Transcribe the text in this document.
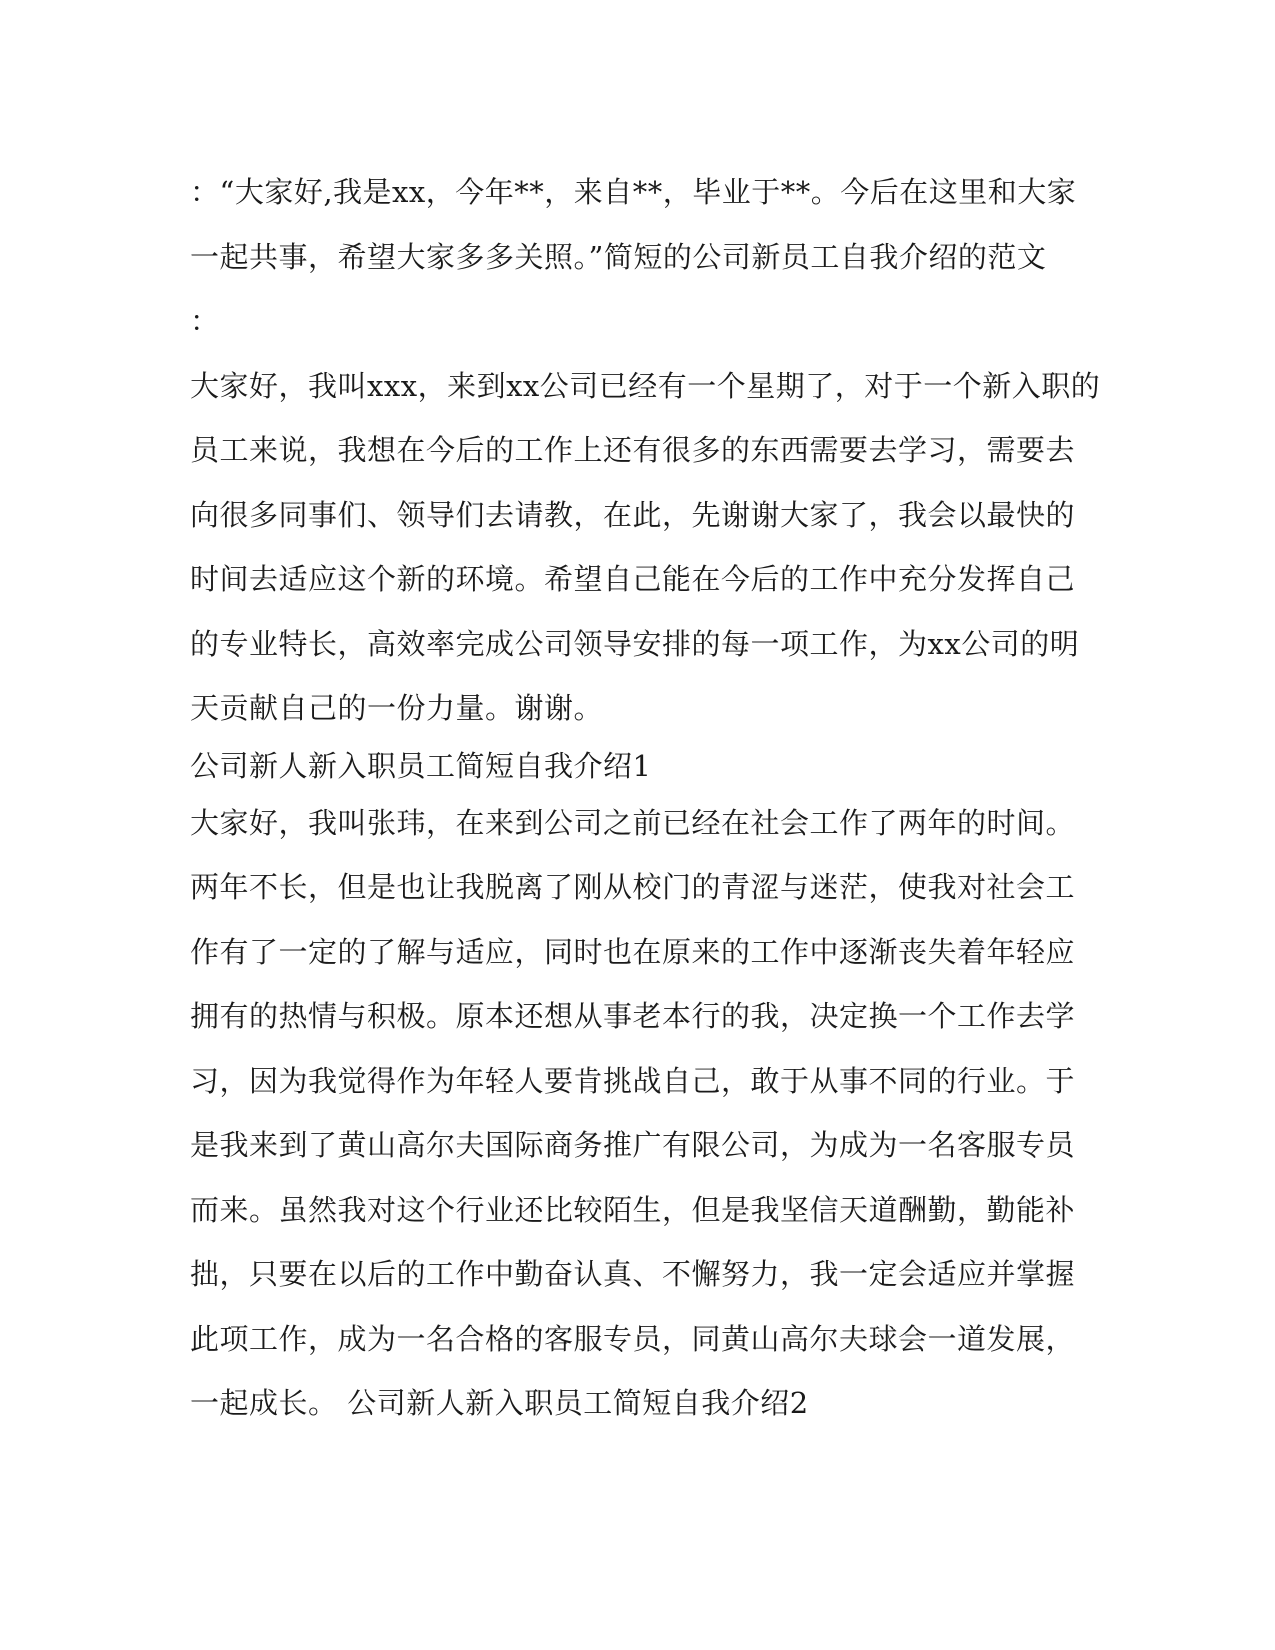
：“大家好,我是xx，今年**，来自**，毕业于**。今后在这里和大家
一起共事，希望大家多多关照。”简短的公司新员工自我介绍的范文
：
大家好，我叫xxx，来到xx公司已经有一个星期了，对于一个新入职的
员工来说，我想在今后的工作上还有很多的东西需要去学习，需要去
向很多同事们、领导们去请教，在此，先谢谢大家了，我会以最快的
时间去适应这个新的环境。希望自己能在今后的工作中充分发挥自己
的专业特长，高效率完成公司领导安排的每一项工作，为xx公司的明
天贡献自己的一份力量。谢谢。
公司新人新入职员工简短自我介绍1
大家好，我叫张玮，在来到公司之前已经在社会工作了两年的时间。
两年不长，但是也让我脱离了刚从校门的青涩与迷茫，使我对社会工
作有了一定的了解与适应，同时也在原来的工作中逐渐丧失着年轻应
拥有的热情与积极。原本还想从事老本行的我，决定换一个工作去学
习，因为我觉得作为年轻人要肯挑战自己，敢于从事不同的行业。于
是我来到了黄山高尔夫国际商务推广有限公司，为成为一名客服专员
而来。虽然我对这个行业还比较陌生，但是我坚信天道酬勤，勤能补
拙，只要在以后的工作中勤奋认真、不懈努力，我一定会适应并掌握
此项工作，成为一名合格的客服专员，同黄山高尔夫球会一道发展，
一起成长。 公司新人新入职员工简短自我介绍2
